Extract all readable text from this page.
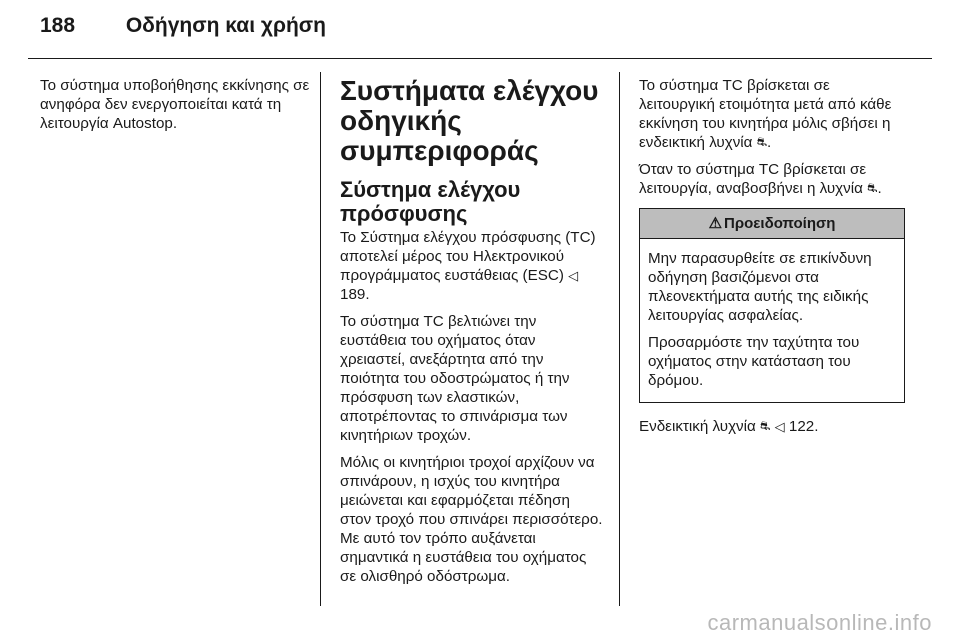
188 Οδήγηση και χρήση

Το σύστημα υποβοήθησης εκκίνησης σε ανηφόρα δεν ενεργοποιείται κατά τη λειτουργία Autostop.

Συστήματα ελέγχου οδηγικής συμπεριφοράς
Σύστημα ελέγχου πρόσφυσης

Το Σύστημα ελέγχου πρόσφυσης (TC) αποτελεί μέρος του Ηλεκτρονικού προγράμματος ευστάθειας (ESC) ◁ 189.

Το σύστημα TC βελτιώνει την ευστάθεια του οχήματος όταν χρειαστεί, ανεξάρτητα από την ποιότητα του οδοστρώματος ή την πρόσφυση των ελαστικών, αποτρέποντας το σπινάρισμα των κινητήριων τροχών.

Μόλις οι κινητήριοι τροχοί αρχίζουν να σπινάρουν, η ισχύς του κινητήρα μειώνεται και εφαρμόζεται πέδηση στον τροχό που σπινάρει περισσότερο. Με αυτό τον τρόπο αυξάνεται σημαντικά η ευστάθεια του οχήματος σε ολισθηρό οδόστρωμα.

Το σύστημα TC βρίσκεται σε λειτουργική ετοιμότητα μετά από κάθε εκκίνηση του κινητήρα μόλις σβήσει η ενδεικτική λυχνία ⛐.

Όταν το σύστημα TC βρίσκεται σε λειτουργία, αναβοσβήνει η λυχνία ⛐.

⚠ Προειδοποίηση

Μην παρασυρθείτε σε επικίνδυνη οδήγηση βασιζόμενοι στα πλεονεκτήματα αυτής της ειδικής λειτουργίας ασφαλείας.

Προσαρμόστε την ταχύτητα του οχήματος στην κατάσταση του δρόμου.

Ενδεικτική λυχνία ⛐ ◁ 122.

carmanualsonline.info
